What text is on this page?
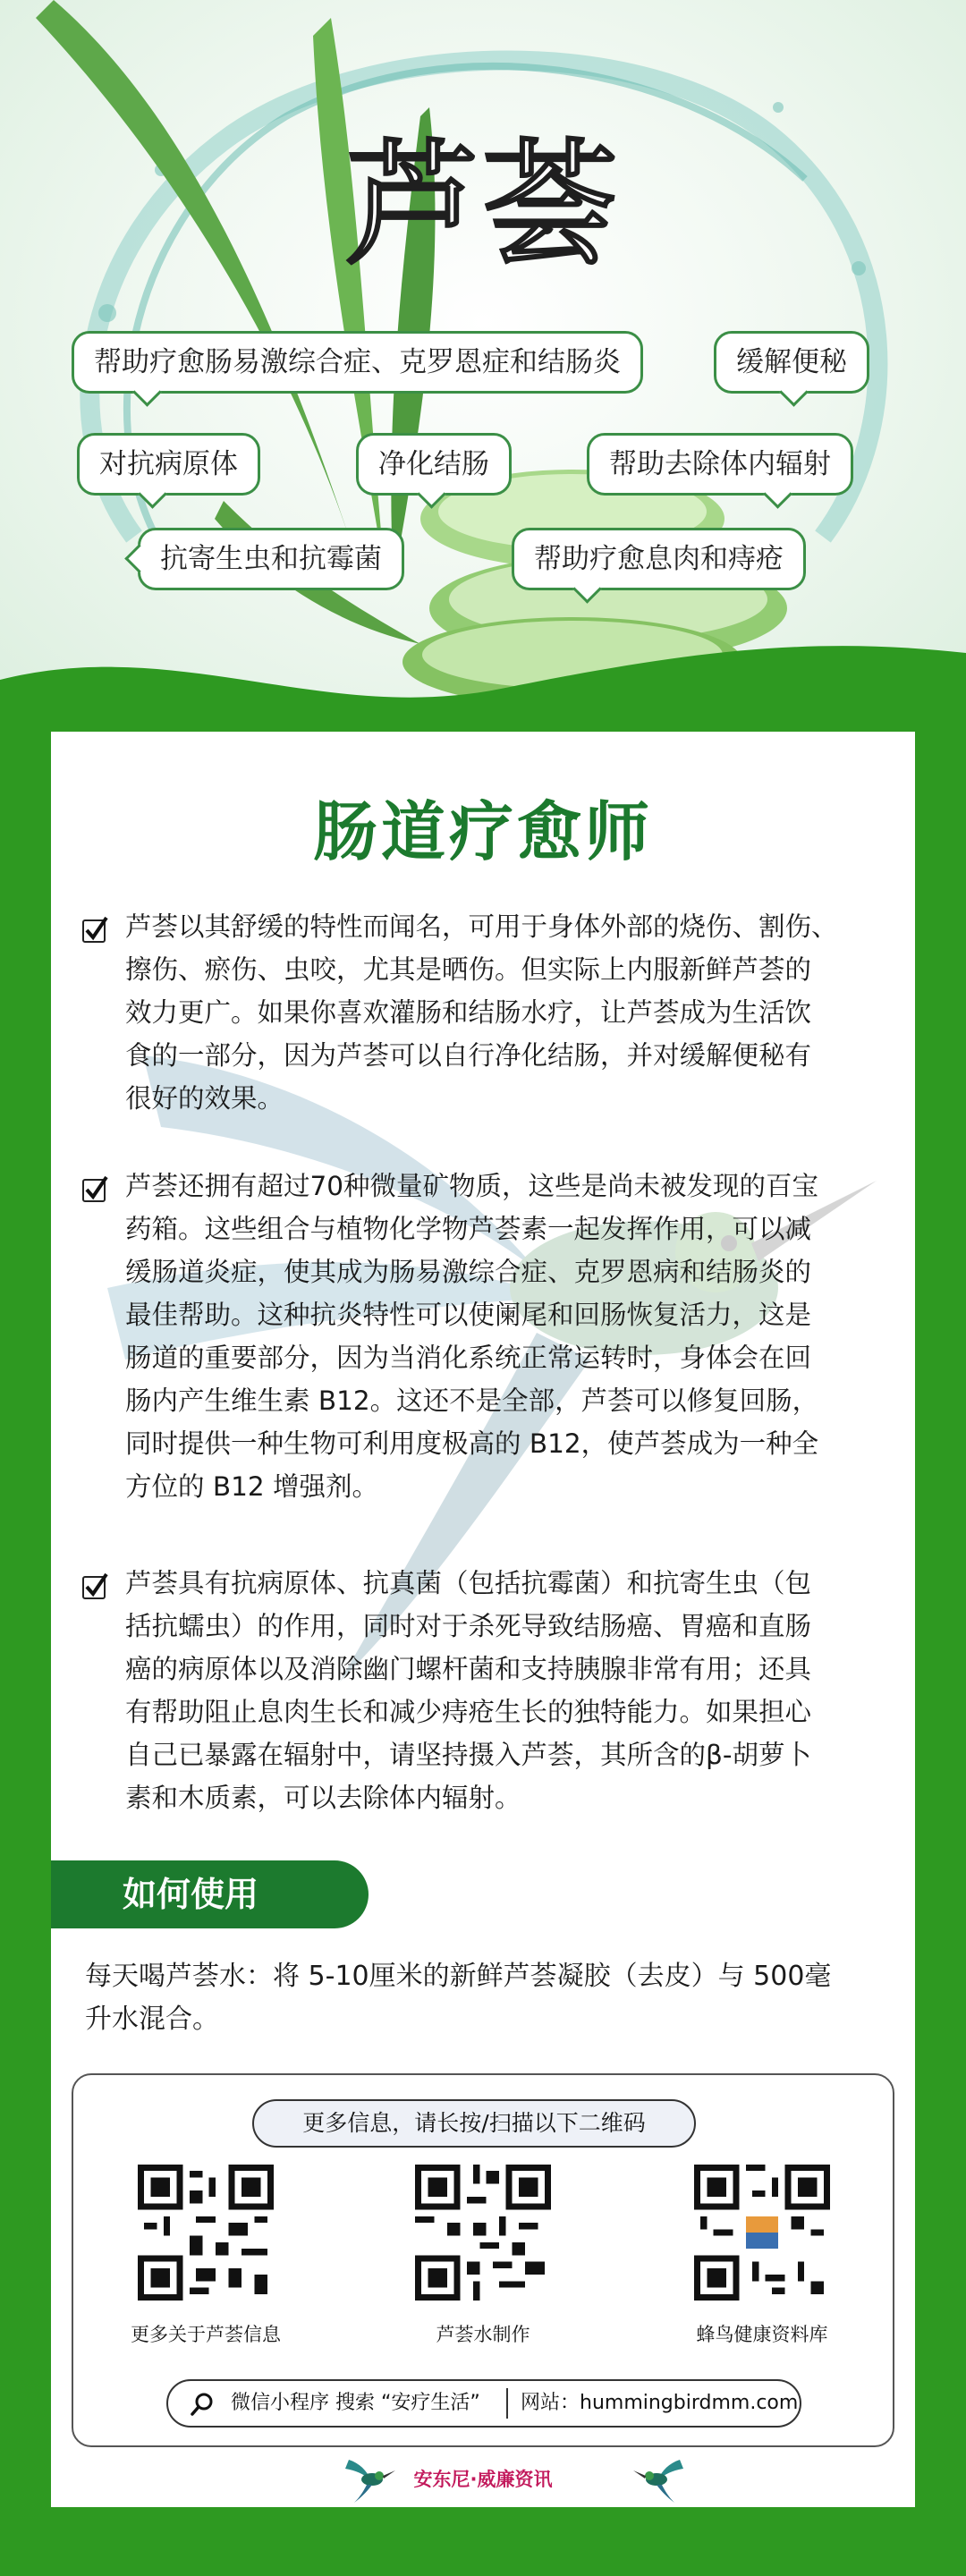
芦荟
帮助疗愈肠易激综合症、克罗恩症和结肠炎	缓解便秘
对抗病原体	净化结肠	帮助去除体内辐射
抗寄生虫和抗霉菌	帮助疗愈息肉和痔疮
肠道疗愈师
芦荟以其舒缓的特性而闻名，可用于身体外部的烧伤、割伤、
擦伤、瘀伤、虫咬，尤其是晒伤。但实际上内服新鲜芦荟的
效力更广。如果你喜欢灌肠和结肠水疗，让芦荟成为生活饮
食的一部分，因为芦荟可以自行净化结肠，并对缓解便秘有
很好的效果。
芦荟还拥有超过70种微量矿物质，这些是尚未被发现的百宝
药箱。这些组合与植物化学物芦荟素一起发挥作用，可以减
缓肠道炎症，使其成为肠易激综合症、克罗恩病和结肠炎的
最佳帮助。这种抗炎特性可以使阑尾和回肠恢复活力，这是
肠道的重要部分，因为当消化系统正常运转时，身体会在回
肠内产生维生素 B12。这还不是全部，芦荟可以修复回肠，
同时提供一种生物可利用度极高的 B12，使芦荟成为一种全
方位的 B12 增强剂。
芦荟具有抗病原体、抗真菌（包括抗霉菌）和抗寄生虫（包
括抗蠕虫）的作用，同时对于杀死导致结肠癌、胃癌和直肠
癌的病原体以及消除幽门螺杆菌和支持胰腺非常有用；还具
有帮助阻止息肉生长和减少痔疮生长的独特能力。如果担心
自己已暴露在辐射中，请坚持摄入芦荟，其所含的β-胡萝卜
素和木质素，可以去除体内辐射。
如何使用
每天喝芦荟水：将 5-10厘米的新鲜芦荟凝胶（去皮）与 500毫
升水混合。
更多信息，请长按/扫描以下二维码
更多关于芦荟信息	芦荟水制作	蜂鸟健康资料库
微信小程序 搜索 “安疗生活” 网站：hummingbirdmm.com
安东尼·威廉资讯
